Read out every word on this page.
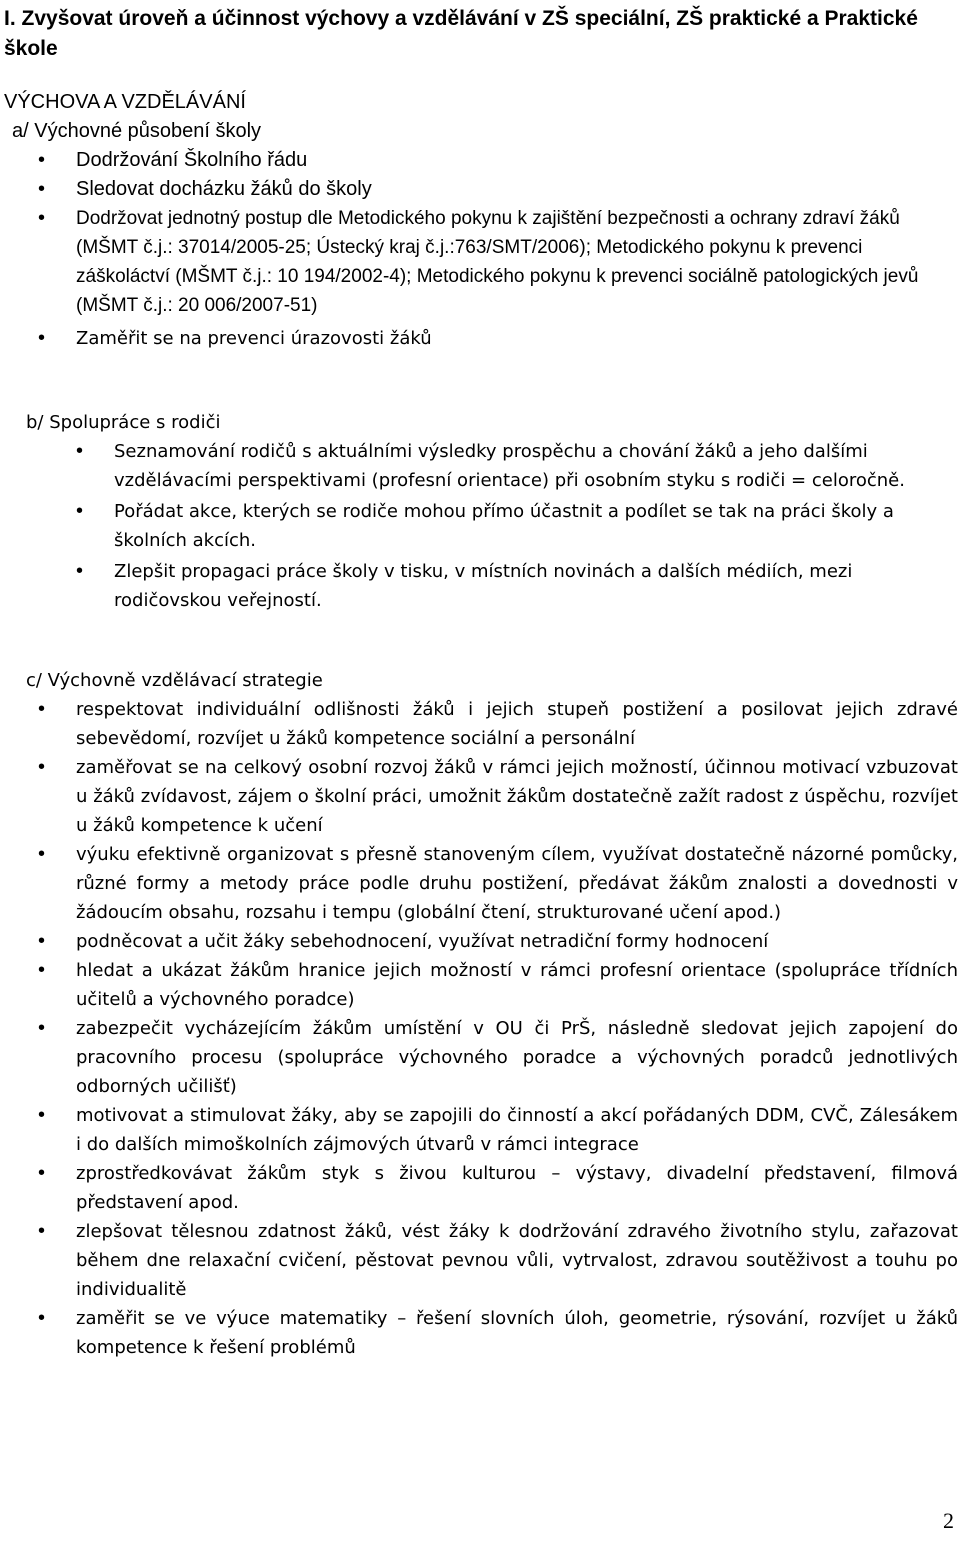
I. Zvyšovat úroveň a účinnost výchovy a vzdělávání v ZŠ speciální, ZŠ praktické a Praktické škole

VÝCHOVA A VZDĚLÁVÁNÍ

a/ Výchovné působení školy

• Dodržování Školního řádu
• Sledovat docházku žáků do školy
• Dodržovat jednotný postup dle Metodického pokynu k zajištění bezpečnosti a ochrany zdraví žáků (MŠMT č.j.: 37014/2005-25; Ústecký kraj č.j.:763/SMT/2006); Metodického pokynu k prevenci záškoláctví (MŠMT č.j.: 10 194/2002-4); Metodického pokynu k prevenci sociálně patologických jevů (MŠMT č.j.: 20 006/2007-51)
• Zaměřit se na prevenci úrazovosti žáků

b/ Spolupráce s rodiči

• Seznamování rodičů s aktuálními výsledky prospěchu a chování žáků a jeho dalšími vzdělávacími perspektivami (profesní orientace) při osobním styku s rodiči = celoročně.
• Pořádat akce, kterých se rodiče mohou přímo účastnit a podílet se tak na práci školy a školních akcích.
• Zlepšit propagaci práce školy v tisku, v místních novinách a dalších médiích, mezi rodičovskou veřejností.

c/ Výchovně vzdělávací strategie

• respektovat individuální odlišnosti žáků i jejich stupeň postižení a posilovat jejich zdravé sebevědomí, rozvíjet u žáků kompetence sociální a personální
• zaměřovat se na celkový osobní rozvoj žáků v rámci jejich možností, účinnou motivací vzbuzovat u žáků zvídavost, zájem o školní práci, umožnit žákům dostatečně zažít radost z úspěchu, rozvíjet u žáků kompetence k učení
• výuku efektivně organizovat s přesně stanoveným cílem, využívat dostatečně názorné pomůcky, různé formy a metody práce podle druhu postižení, předávat žákům znalosti a dovednosti v žádoucím obsahu, rozsahu i tempu (globální čtení, strukturované učení apod.)
• podněcovat a učit žáky sebehodnocení, využívat netradiční formy hodnocení
• hledat a ukázat žákům hranice jejich možností v rámci profesní orientace (spolupráce třídních učitelů a výchovného poradce)
• zabezpečit vycházejícím žákům umístění v OU či PrŠ, následně sledovat jejich zapojení do pracovního procesu (spolupráce výchovného poradce a výchovných poradců jednotlivých odborných učilišť)
• motivovat a stimulovat žáky, aby se zapojili do činností a akcí pořádaných DDM, CVČ, Zálesákem i do dalších mimoškolních zájmových útvarů v rámci integrace
• zprostředkovávat žákům styk s živou kulturou – výstavy, divadelní představení, filmová představení apod.
• zlepšovat tělesnou zdatnost žáků, vést žáky k dodržování zdravého životního stylu, zařazovat během dne relaxační cvičení, pěstovat pevnou vůli, vytrvalost, zdravou soutěživost a touhu po individualitě
• zaměřit se ve výuce matematiky – řešení slovních úloh, geometrie, rýsování, rozvíjet u žáků kompetence k řešení problémů
2
